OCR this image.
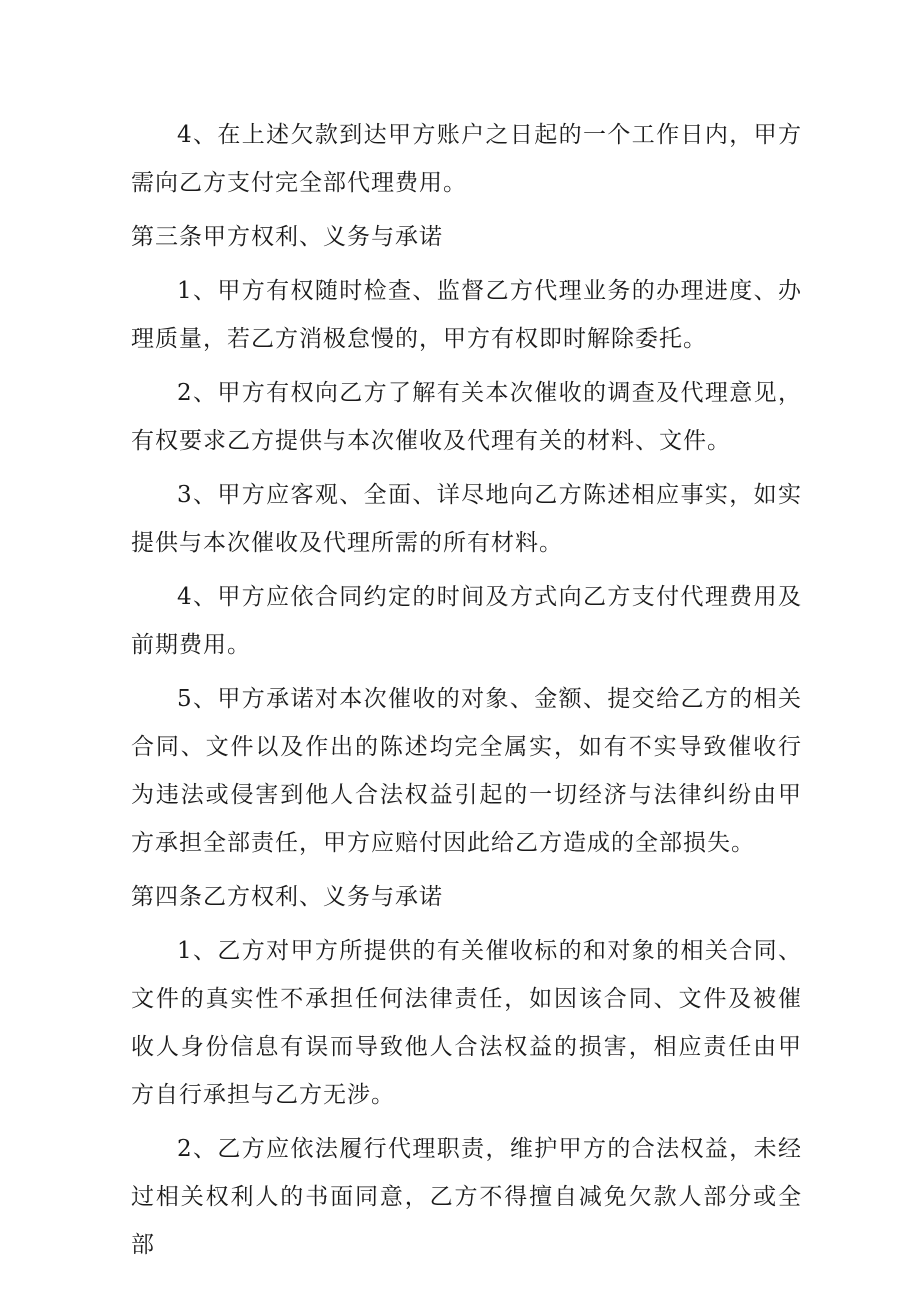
4、在上述欠款到达甲方账户之日起的一个工作日内，甲方需向乙方支付完全部代理费用。

第三条甲方权利、义务与承诺

1、甲方有权随时检查、监督乙方代理业务的办理进度、办理质量，若乙方消极怠慢的，甲方有权即时解除委托。

2、甲方有权向乙方了解有关本次催收的调查及代理意见，有权要求乙方提供与本次催收及代理有关的材料、文件。

3、甲方应客观、全面、详尽地向乙方陈述相应事实，如实提供与本次催收及代理所需的所有材料。

4、甲方应依合同约定的时间及方式向乙方支付代理费用及前期费用。

5、甲方承诺对本次催收的对象、金额、提交给乙方的相关合同、文件以及作出的陈述均完全属实，如有不实导致催收行为违法或侵害到他人合法权益引起的一切经济与法律纠纷由甲方承担全部责任，甲方应赔付因此给乙方造成的全部损失。

第四条乙方权利、义务与承诺

1、乙方对甲方所提供的有关催收标的和对象的相关合同、文件的真实性不承担任何法律责任，如因该合同、文件及被催收人身份信息有误而导致他人合法权益的损害，相应责任由甲方自行承担与乙方无涉。

2、乙方应依法履行代理职责，维护甲方的合法权益，未经过相关权利人的书面同意，乙方不得擅自减免欠款人部分或全部
